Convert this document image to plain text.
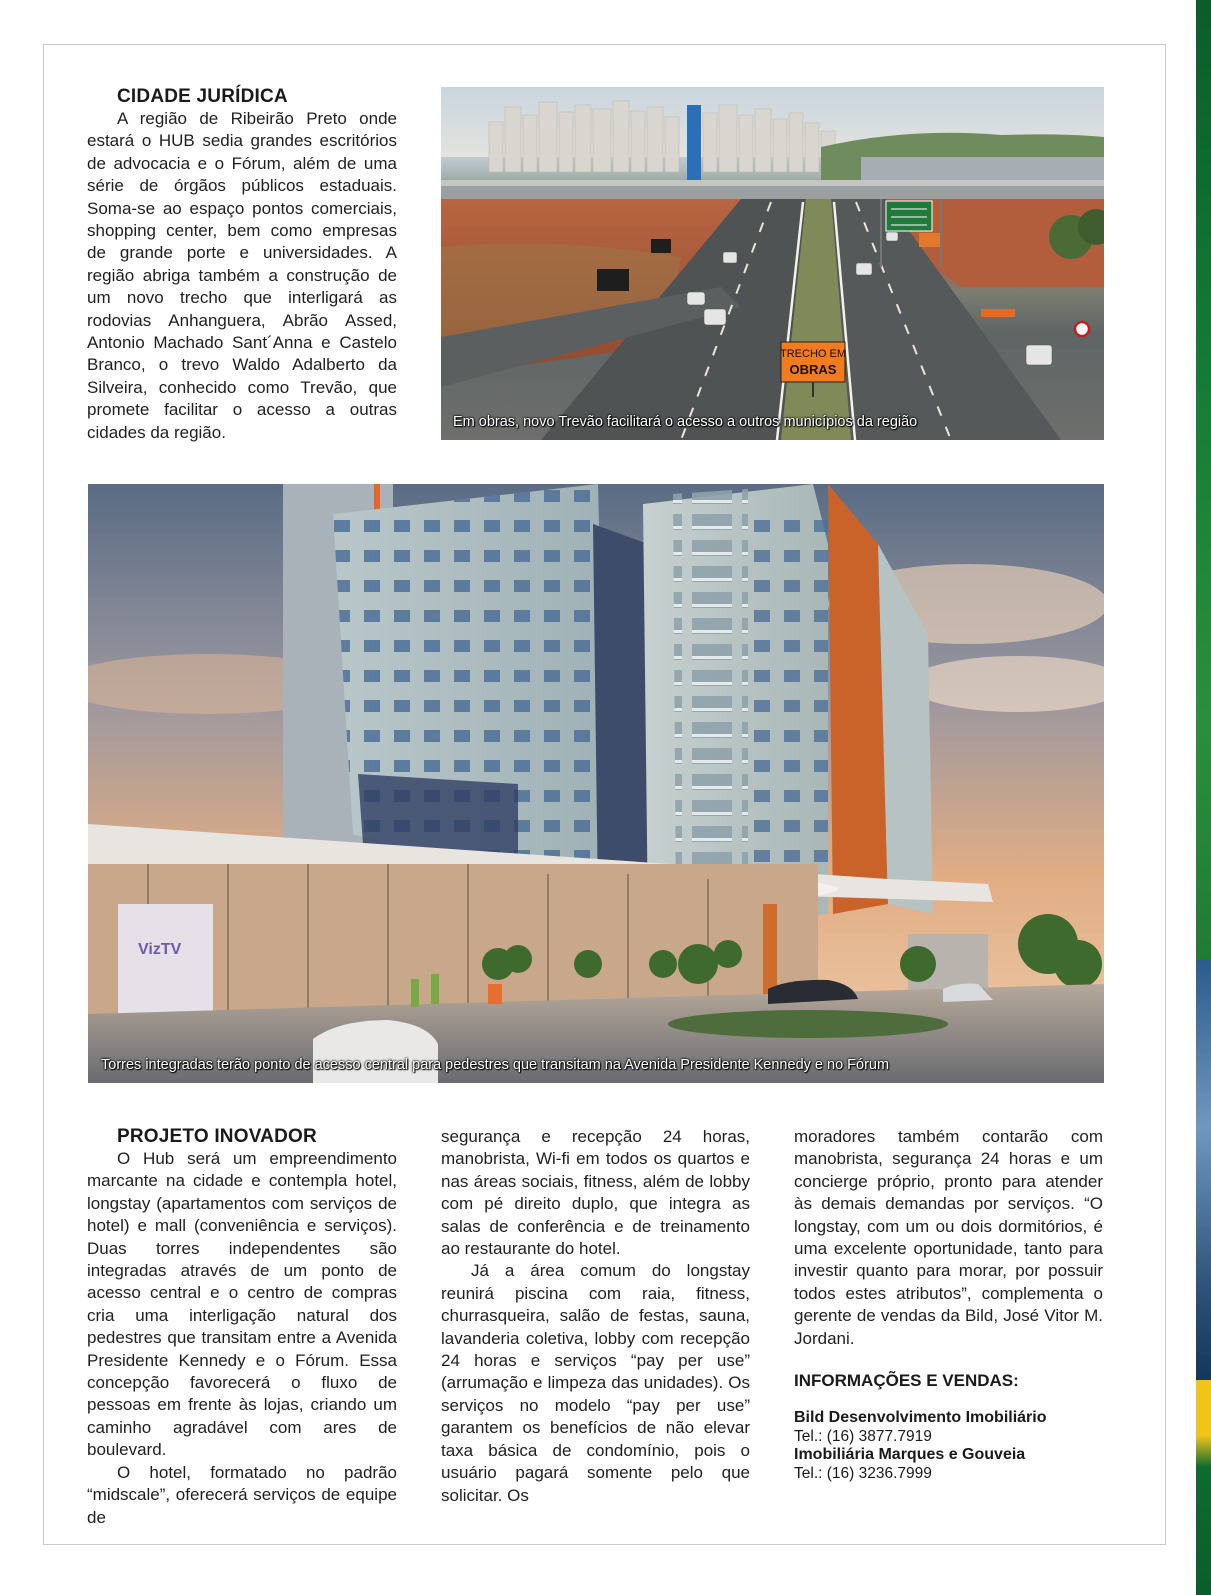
CIDADE JURÍDICA

A região de Ribeirão Preto onde estará o HUB sedia grandes escritórios de advocacia e o Fórum, além de uma série de órgãos públicos estaduais. Soma-se ao espaço pontos comerciais, shopping center, bem como empresas de grande porte e universidades. A região abriga também a construção de um novo trecho que interligará as rodovias Anhanguera, Abrão Assed, Antonio Machado Sant´Anna e Castelo Branco, o trevo Waldo Adalberto da Silveira, conhecido como Trevão, que promete facilitar o acesso a outras cidades da região.

TRECHO EM
OBRAS
Em obras, novo Trevão facilitará o acesso a outros municípios da região
VizTV
Torres integradas terão ponto de acesso central para pedestres que transitam na Avenida Presidente Kennedy e no Fórum
PROJETO INOVADOR

O Hub será um empreendimento marcante na cidade e contempla hotel, longstay (apartamentos com serviços de hotel) e mall (conveniência e serviços). Duas torres independentes são integradas através de um ponto de acesso central e o centro de compras cria uma interligação natural dos pedestres que transitam entre a Avenida Presidente Kennedy e o Fórum. Essa concepção favorecerá o fluxo de pessoas em frente às lojas, criando um caminho agradável com ares de boulevard.

O hotel, formatado no padrão “midscale”, oferecerá serviços de equipe de

segurança e recepção 24 horas, manobrista, Wi-fi em todos os quartos e nas áreas sociais, fitness, além de lobby com pé direito duplo, que integra as salas de conferência e de treinamento ao restaurante do hotel.

Já a área comum do longstay reunirá piscina com raia, fitness, churrasqueira, salão de festas, sauna, lavanderia coletiva, lobby com recepção 24 horas e serviços “pay per use” (arrumação e limpeza das unidades). Os serviços no modelo “pay per use” garantem os benefícios de não elevar taxa básica de condomínio, pois o usuário pagará somente pelo que solicitar. Os

moradores também contarão com manobrista, segurança 24 horas e um concierge próprio, pronto para atender às demais demandas por serviços. “O longstay, com um ou dois dormitórios, é uma excelente oportunidade, tanto para investir quanto para morar, por possuir todos estes atributos”, complementa o gerente de vendas da Bild, José Vitor M. Jordani.

INFORMAÇÕES E VENDAS:
Bild Desenvolvimento Imobiliário
Tel.: (16) 3877.7919
Imobiliária Marques e Gouveia
Tel.: (16) 3236.7999
